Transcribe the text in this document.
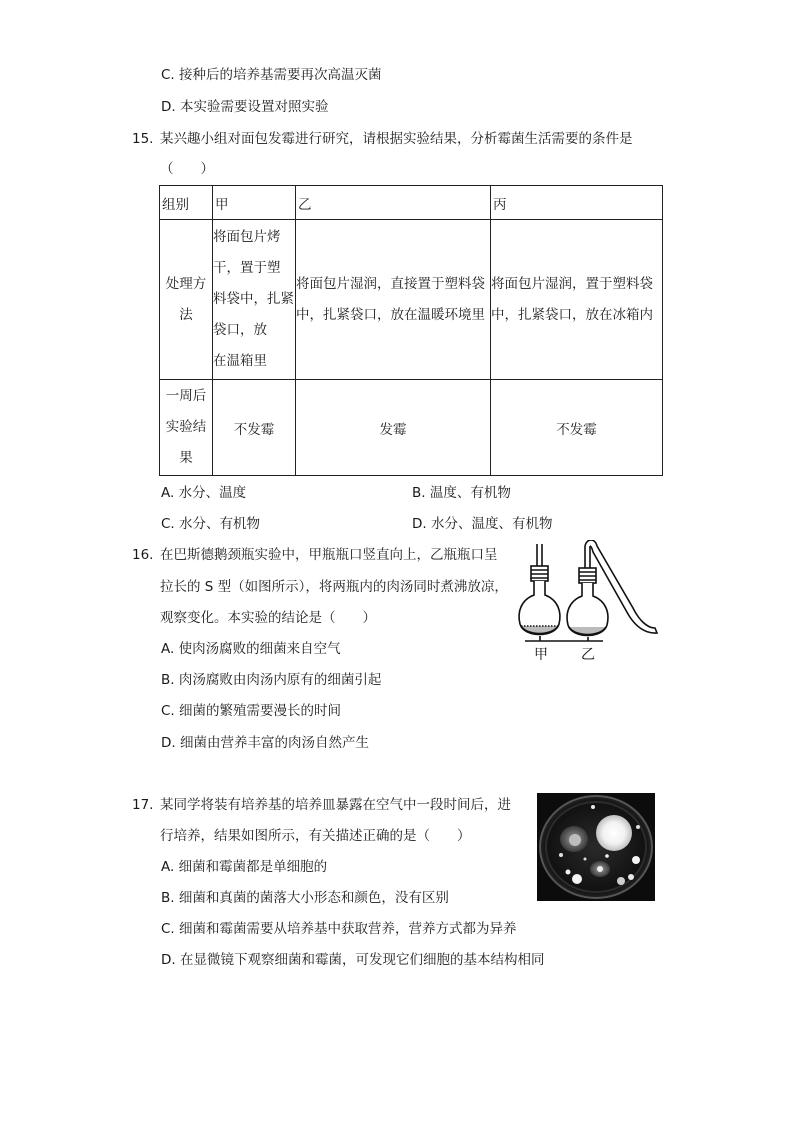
C. 接种后的培养基需要再次高温灭菌
D. 本实验需要设置对照实验
15. 某兴趣小组对面包发霉进行研究，请根据实验结果，分析霉菌生活需要的条件是
（　　）
组别	甲	乙	丙

处理方
法	将面包片烤
干，置于塑
料袋中，扎紧
袋口，放
在温箱里	将面包片湿润，直接置于塑料袋
中，扎紧袋口，放在温暖环境里	将面包片湿润，置于塑料袋
中，扎紧袋口，放在冰箱内

一周后
实验结
果	不发霉	发霉	不发霉
A. 水分、温度	B. 温度、有机物
C. 水分、有机物	D. 水分、温度、有机物
16. 在巴斯德鹅颈瓶实验中，甲瓶瓶口竖直向上，乙瓶瓶口呈
拉长的 S 型（如图所示），将两瓶内的肉汤同时煮沸放凉，
观察变化。本实验的结论是（　　）
A. 使肉汤腐败的细菌来自空气
B. 肉汤腐败由肉汤内原有的细菌引起
C. 细菌的繁殖需要漫长的时间
D. 细菌由营养丰富的肉汤自然产生
甲 乙
17. 某同学将装有培养基的培养皿暴露在空气中一段时间后，进
行培养，结果如图所示，有关描述正确的是（　　）
A. 细菌和霉菌都是单细胞的
B. 细菌和真菌的菌落大小形态和颜色，没有区别
C. 细菌和霉菌需要从培养基中获取营养，营养方式都为异养
D. 在显微镜下观察细菌和霉菌，可发现它们细胞的基本结构相同
